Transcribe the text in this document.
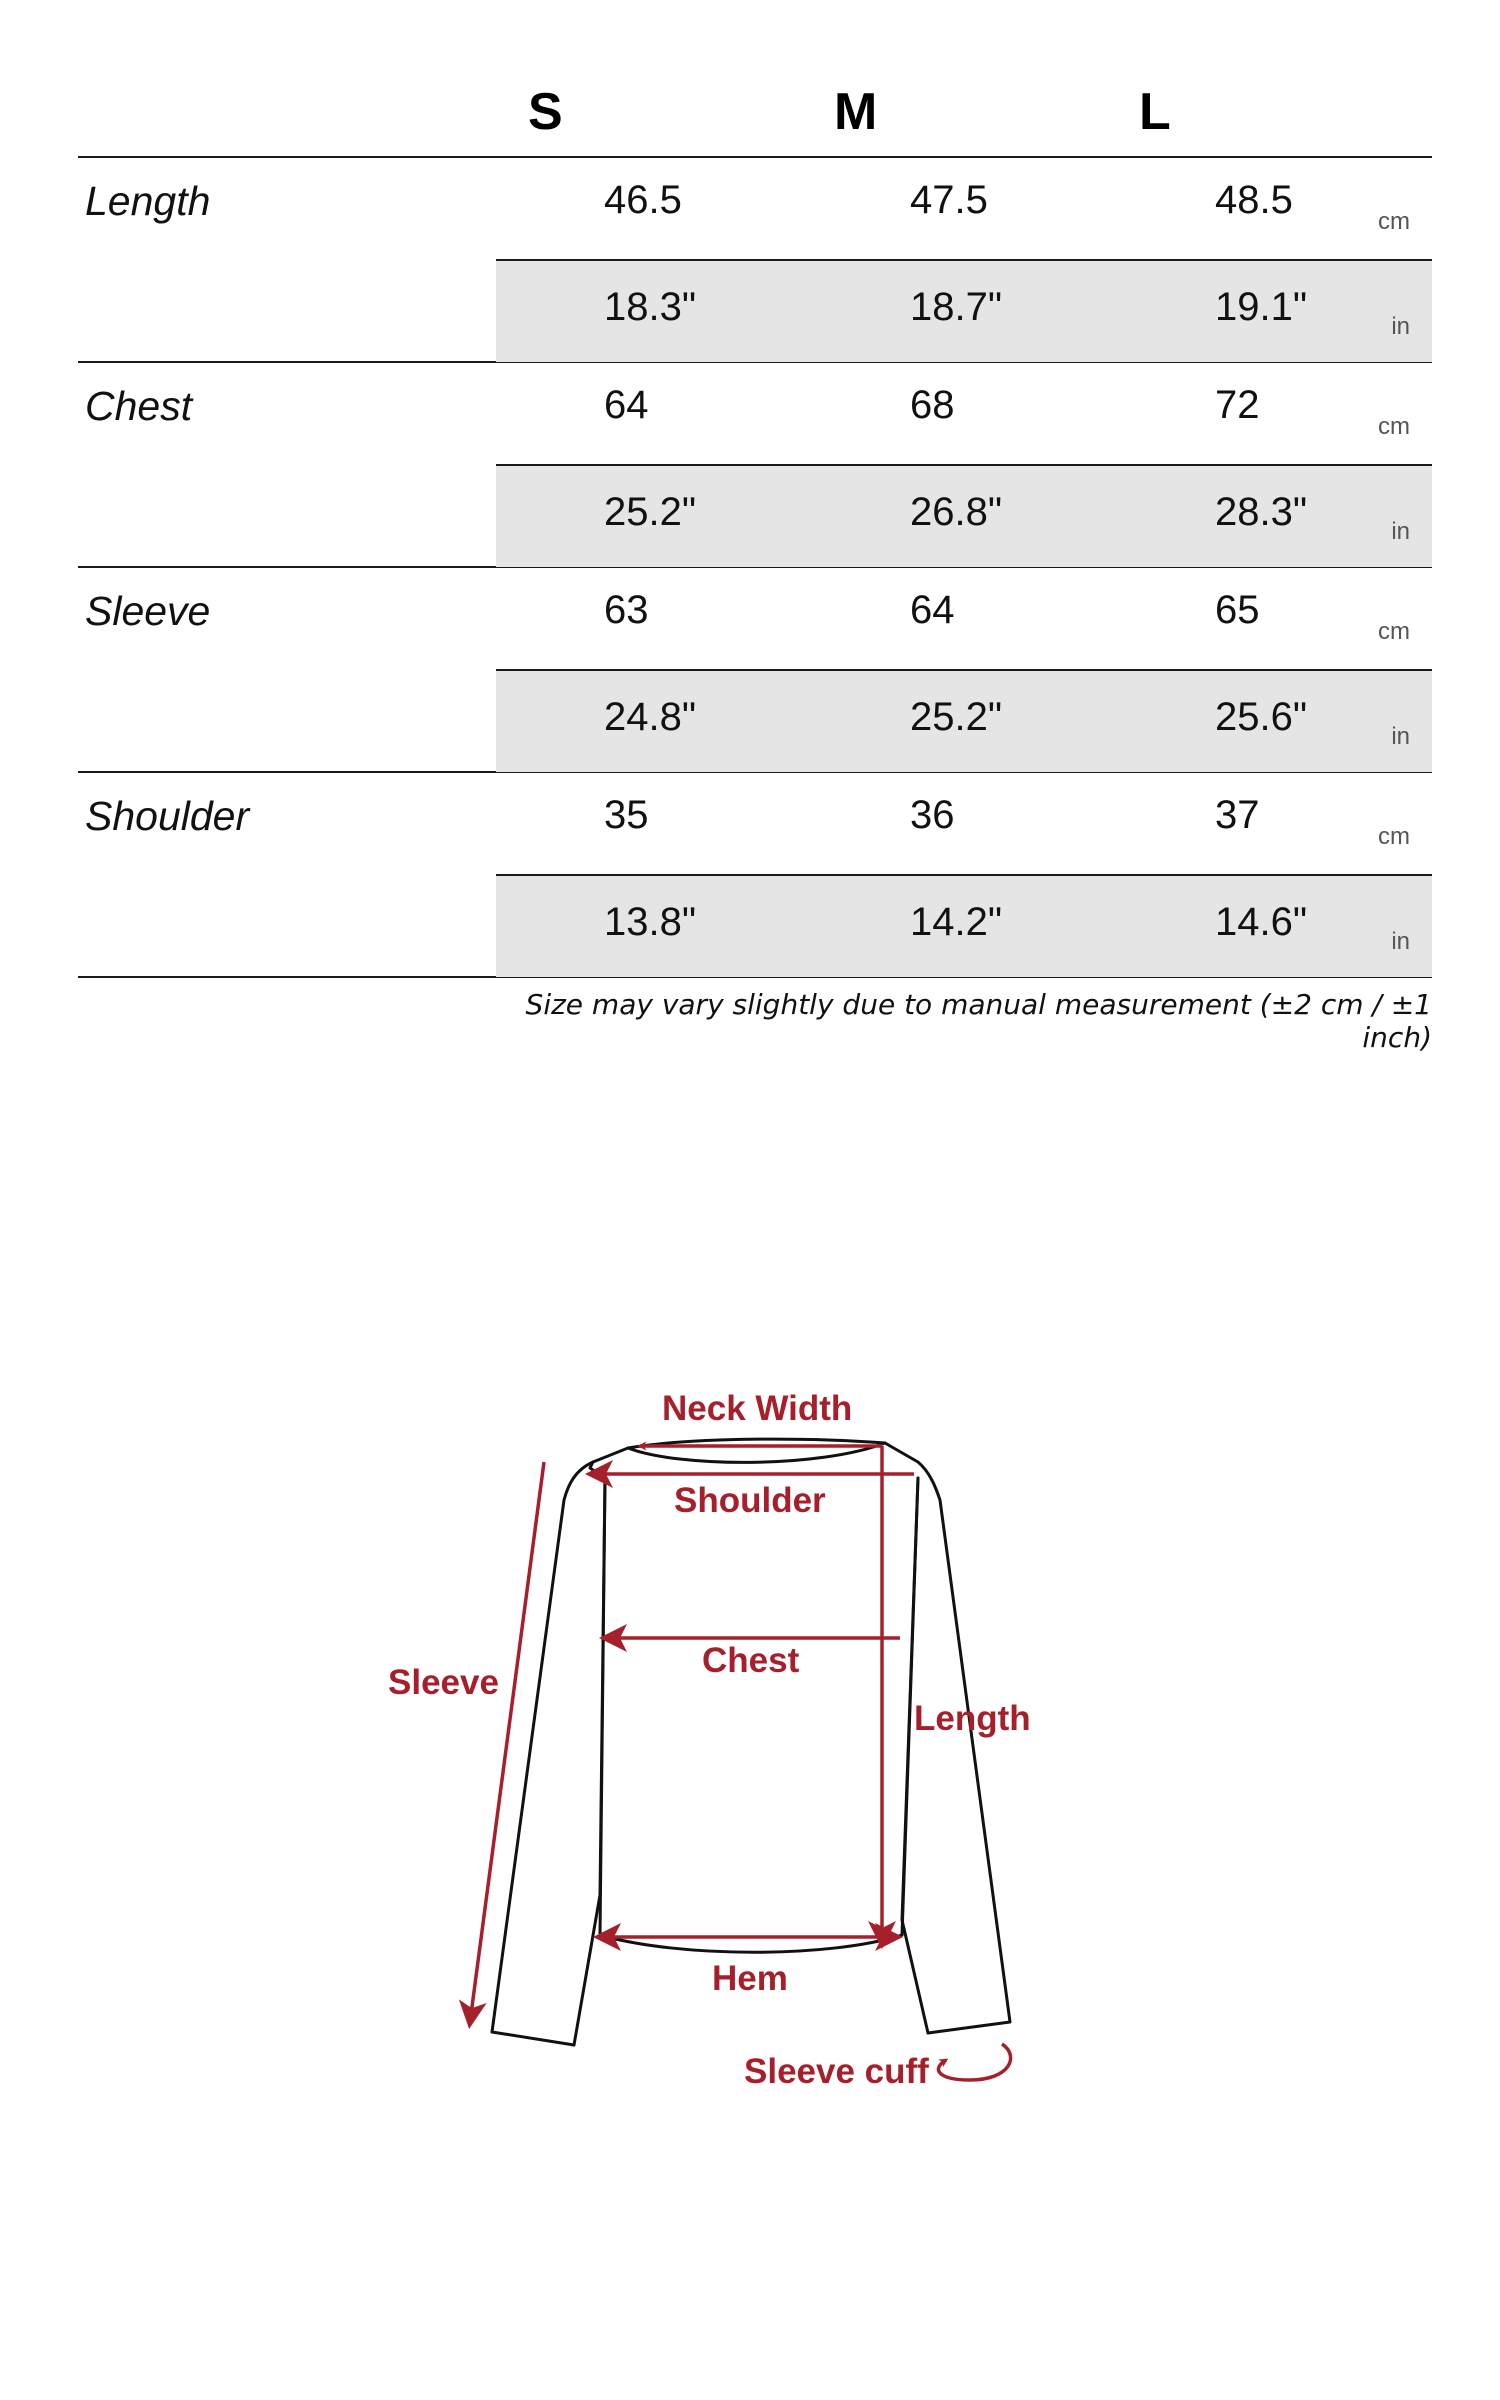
S	M	L
Length	46.5	47.5	48.5	cm
18.3"	18.7"	19.1"	in
Chest	64	68	72	cm
25.2"	26.8"	28.3"	in
Sleeve	63	64	65	cm
24.8"	25.2"	25.6"	in
Shoulder	35	36	37	cm
13.8"	14.2"	14.6"	in
Size may vary slightly due to manual measurement (±2 cm / ±1 inch)
Neck Width
Shoulder
Chest
Sleeve
Length
Hem
Sleeve cuff
